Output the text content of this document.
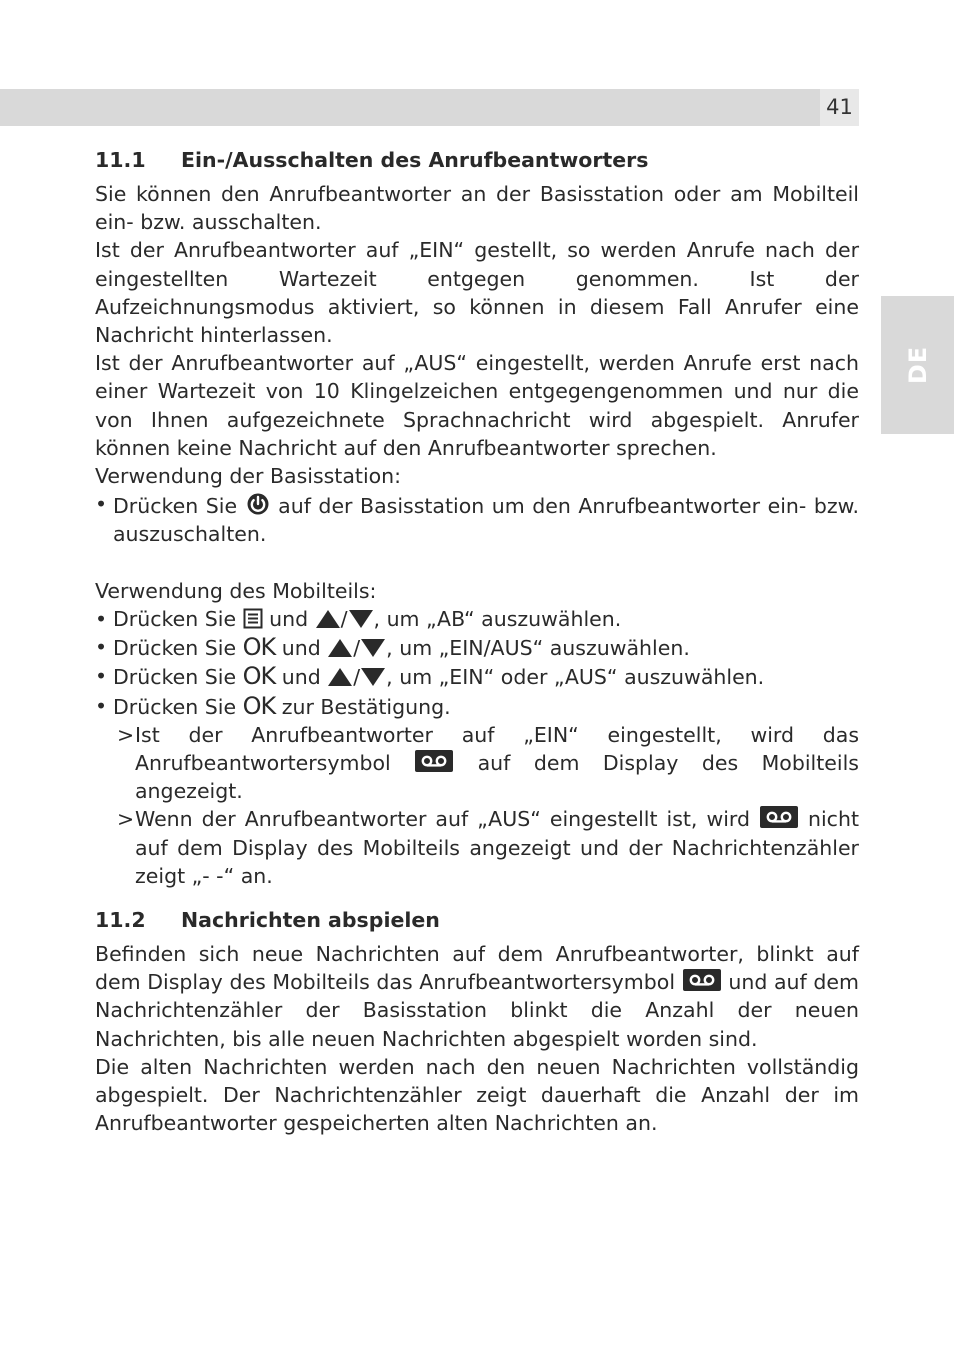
41
DE
11.1	Ein-/Ausschalten des Anrufbeantworters

Sie können den Anrufbeantworter an der Basisstation oder am Mobilteil ein- bzw. ausschalten.

Ist der Anrufbeantworter auf „EIN“ gestellt, so werden Anrufe nach der eingestellten Wartezeit entgegen genommen. Ist der Aufzeichnungsmodus aktiviert, so können in diesem Fall Anrufer eine Nachricht hinterlassen.

Ist der Anrufbeantworter auf „AUS“ eingestellt, werden Anrufe erst nach einer Wartezeit von 10 Klingelzeichen entgegengenommen und nur die von Ihnen aufgezeichnete Sprachnachricht wird abgespielt. Anrufer können keine Nachricht auf den Anrufbeantworter sprechen.

Verwendung der Basisstation:

• Drücken Sie
auf der Basisstation um den Anrufbeantworter ein- bzw. auszuschalten.

Verwendung des Mobilteils:

• Drücken Sie
und
/ , um „AB“ auszuwählen.

• Drücken Sie OK und
/ , um „EIN/AUS“ auszuwählen.

• Drücken Sie OK und
/ , um „EIN“ oder „AUS“ auszuwählen.

• Drücken Sie OK zur Bestätigung.

> Ist der Anrufbeantworter auf „EIN“ eingestellt, wird das Anrufbeantwortersymbol
auf dem Display des Mobilteils angezeigt.

> Wenn der Anrufbeantworter auf „AUS“ eingestellt ist, wird
nicht auf dem Display des Mobilteils angezeigt und der Nachrichtenzähler zeigt „- -“ an.

11.2	Nachrichten abspielen

Befinden sich neue Nachrichten auf dem Anrufbeantworter, blinkt auf dem Display des Mobilteils das Anrufbeantwortersymbol
und auf dem Nachrichtenzähler der Basisstation blinkt die Anzahl der neuen Nachrichten, bis alle neuen Nachrichten abgespielt worden sind.

Die alten Nachrichten werden nach den neuen Nachrichten vollständig abgespielt. Der Nachrichtenzähler zeigt dauerhaft die Anzahl der im Anrufbeantworter gespeicherten alten Nachrichten an.
